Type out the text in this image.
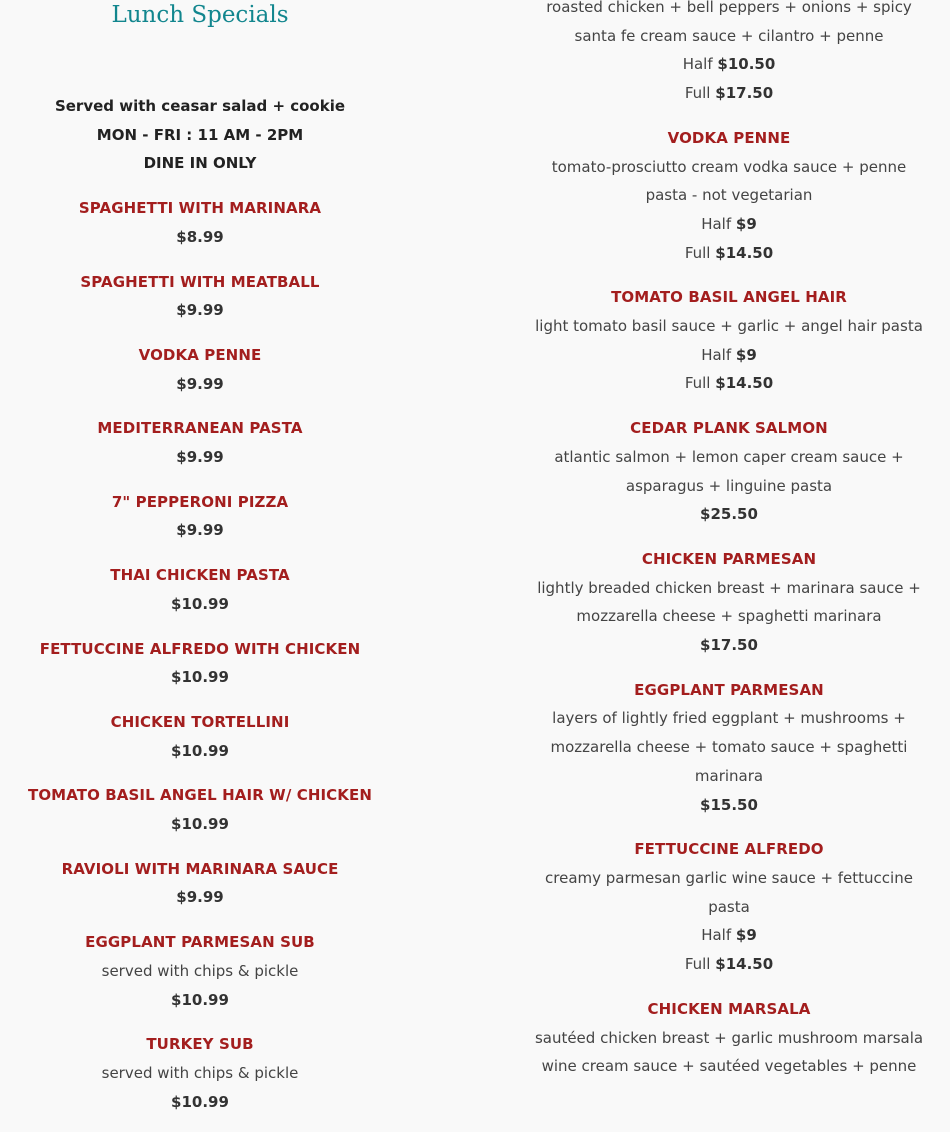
Lunch Specials
Served with ceasar salad + cookie
MON - FRI : 11 AM - 2PM
DINE IN ONLY
SPAGHETTI WITH MARINARA
$8.99
SPAGHETTI WITH MEATBALL
$9.99
VODKA PENNE
$9.99
MEDITERRANEAN PASTA
$9.99
7" PEPPERONI PIZZA
$9.99
THAI CHICKEN PASTA
$10.99
FETTUCCINE ALFREDO WITH CHICKEN
$10.99
CHICKEN TORTELLINI
$10.99
TOMATO BASIL ANGEL HAIR W/ CHICKEN
$10.99
RAVIOLI WITH MARINARA SAUCE
$9.99
EGGPLANT PARMESAN SUB
served with chips & pickle
$10.99
TURKEY SUB
served with chips & pickle
$10.99
roasted chicken + bell peppers + onions + spicy santa fe cream sauce + cilantro + penne
Half $10.50
Full $17.50
VODKA PENNE
tomato-prosciutto cream vodka sauce + penne pasta - not vegetarian
Half $9
Full $14.50
TOMATO BASIL ANGEL HAIR
light tomato basil sauce + garlic + angel hair pasta
Half $9
Full $14.50
CEDAR PLANK SALMON
atlantic salmon + lemon caper cream sauce + asparagus + linguine pasta
$25.50
CHICKEN PARMESAN
lightly breaded chicken breast + marinara sauce + mozzarella cheese + spaghetti marinara
$17.50
EGGPLANT PARMESAN
layers of lightly fried eggplant + mushrooms + mozzarella cheese + tomato sauce + spaghetti marinara
$15.50
FETTUCCINE ALFREDO
creamy parmesan garlic wine sauce + fettuccine pasta
Half $9
Full $14.50
CHICKEN MARSALA
sautéed chicken breast + garlic mushroom marsala wine cream sauce + sautéed vegetables + penne
